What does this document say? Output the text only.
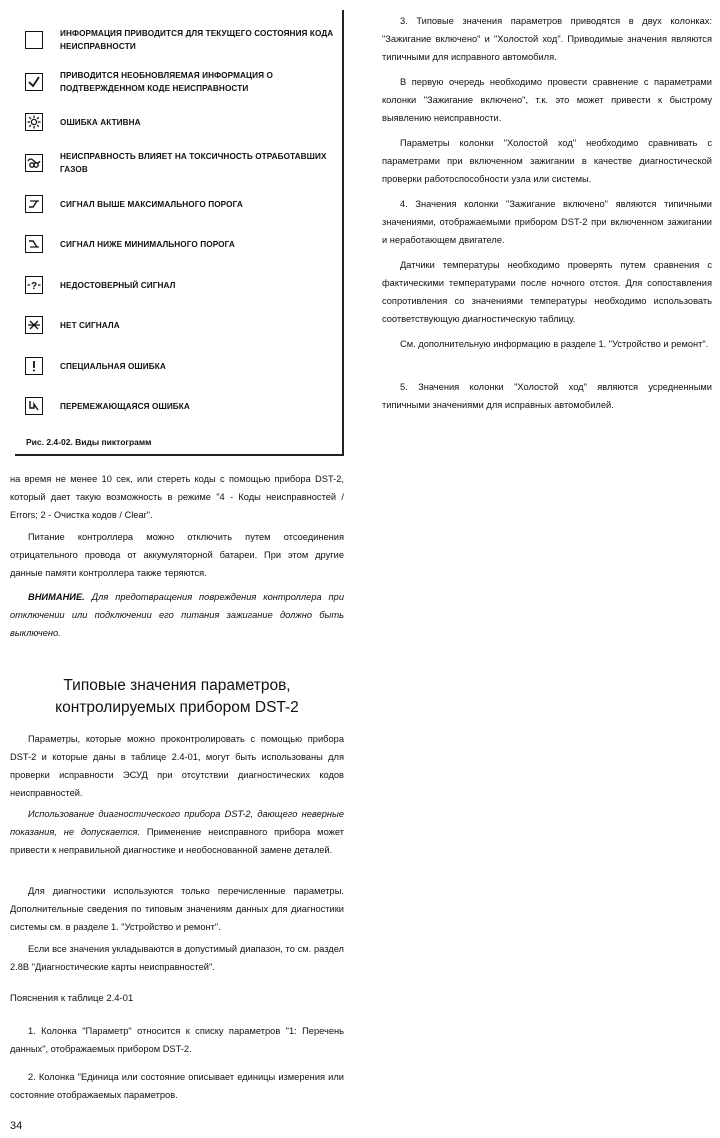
ИНФОРМАЦИЯ ПРИВОДИТСЯ ДЛЯ ТЕКУЩЕГО СОСТОЯНИЯ КОДА НЕИСПРАВНОСТИ
ПРИВОДИТСЯ НЕОБНОВЛЯЕМАЯ ИНФОРМАЦИЯ О ПОДТВЕРЖДЕННОМ КОДЕ НЕИСПРАВНОСТИ
ОШИБКА АКТИВНА
НЕИСПРАВНОСТЬ ВЛИЯЕТ НА ТОКСИЧНОСТЬ ОТРАБОТАВШИХ ГАЗОВ
СИГНАЛ ВЫШЕ МАКСИМАЛЬНОГО ПОРОГА
СИГНАЛ НИЖЕ МИНИМАЛЬНОГО ПОРОГА
?	НЕДОСТОВЕРНЫЙ СИГНАЛ
НЕТ СИГНАЛА
СПЕЦИАЛЬНАЯ ОШИБКА
ПЕРЕМЕЖАЮЩАЯСЯ ОШИБКА
Рис. 2.4-02. Виды пиктограмм
на время не менее 10 сек, или стереть коды с помощью прибора DST-2, который дает такую возможность в режиме "4 - Коды неисправностей / Errors; 2 - Очистка кодов / Clear".
Питание контроллера можно отключить путем отсоединения отрицательного провода от аккумуляторной батареи. При этом другие данные памяти контроллера также теряются.
ВНИМАНИЕ. Для предотвращения повреждения контроллера при отключении или подключении его питания зажигание должно быть выключено.
Типовые значения параметров,
контролируемых прибором DST-2
Параметры, которые можно проконтролировать с помощью прибора DST-2 и которые даны в таблице 2.4-01, могут быть использованы для проверки исправности ЭСУД при отсутствии диагностических кодов неисправностей.
Использование диагностического прибора DST-2, дающего неверные показания, не допускается. Применение неисправного прибора может привести к неправильной диагностике и необоснованной замене деталей.
Для диагностики используются только перечисленные параметры. Дополнительные сведения по типовым значениям данных для диагностики системы см. в разделе 1. "Устройство и ремонт".
Если все значения укладываются в допустимый диапазон, то см. раздел 2.8В "Диагностические карты неисправностей".
Пояснения к таблице 2.4-01
1. Колонка "Параметр" относится к списку параметров "1: Перечень данных", отображаемых прибором DST-2.
2. Колонка "Единица или состояние описывает единицы измерения или состояние отображаемых параметров.
34
3. Типовые значения параметров приводятся в двух колонках: "Зажигание включено" и "Холостой ход". Приводимые значения являются типичными для исправного автомобиля.
В первую очередь необходимо провести сравнение с параметрами колонки "Зажигание включено", т.к. это может привести к быстрому выявлению неисправности.
Параметры колонки "Холостой ход" необходимо сравнивать с параметрами при включенном зажигании в качестве диагностической проверки работоспособности узла или системы.
4. Значения колонки "Зажигание включено" являются типичными значениями, отображаемыми прибором DST-2 при включенном зажигании и неработающем двигателе.
Датчики температуры необходимо проверять путем сравнения с фактическими температурами после ночного отстоя. Для сопоставления сопротивления со значениями температуры необходимо использовать соответствующую диагностическую таблицу.
См. дополнительную информацию в разделе 1. "Устройство и ремонт".
5. Значения колонки "Холостой ход" являются усредненными типичными значениями для исправных автомобилей.
